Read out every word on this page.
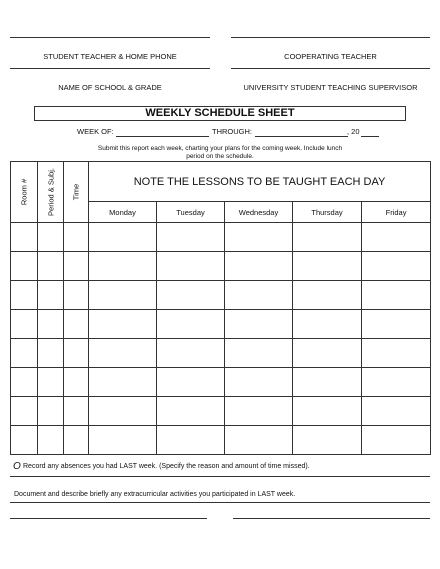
STUDENT TEACHER & HOME PHONE	COOPERATING TEACHER
NAME OF SCHOOL & GRADE	UNIVERSITY STUDENT TEACHING SUPERVISOR
WEEKLY SCHEDULE SHEET
WEEK OF:	THROUGH:	, 20
Submit this report each week, charting your plans for the coming week. Include lunch
period on the schedule.
Room #	Period & Subj.	Time	NOTE THE LESSONS TO BE TAUGHT EACH DAY				
			Monday	Tuesday	Wednesday	Thursday	Friday

O Record any absences you had LAST week. (Specify the reason and amount of time missed).
Document and describe briefly any extracurricular activities you participated in LAST week.
